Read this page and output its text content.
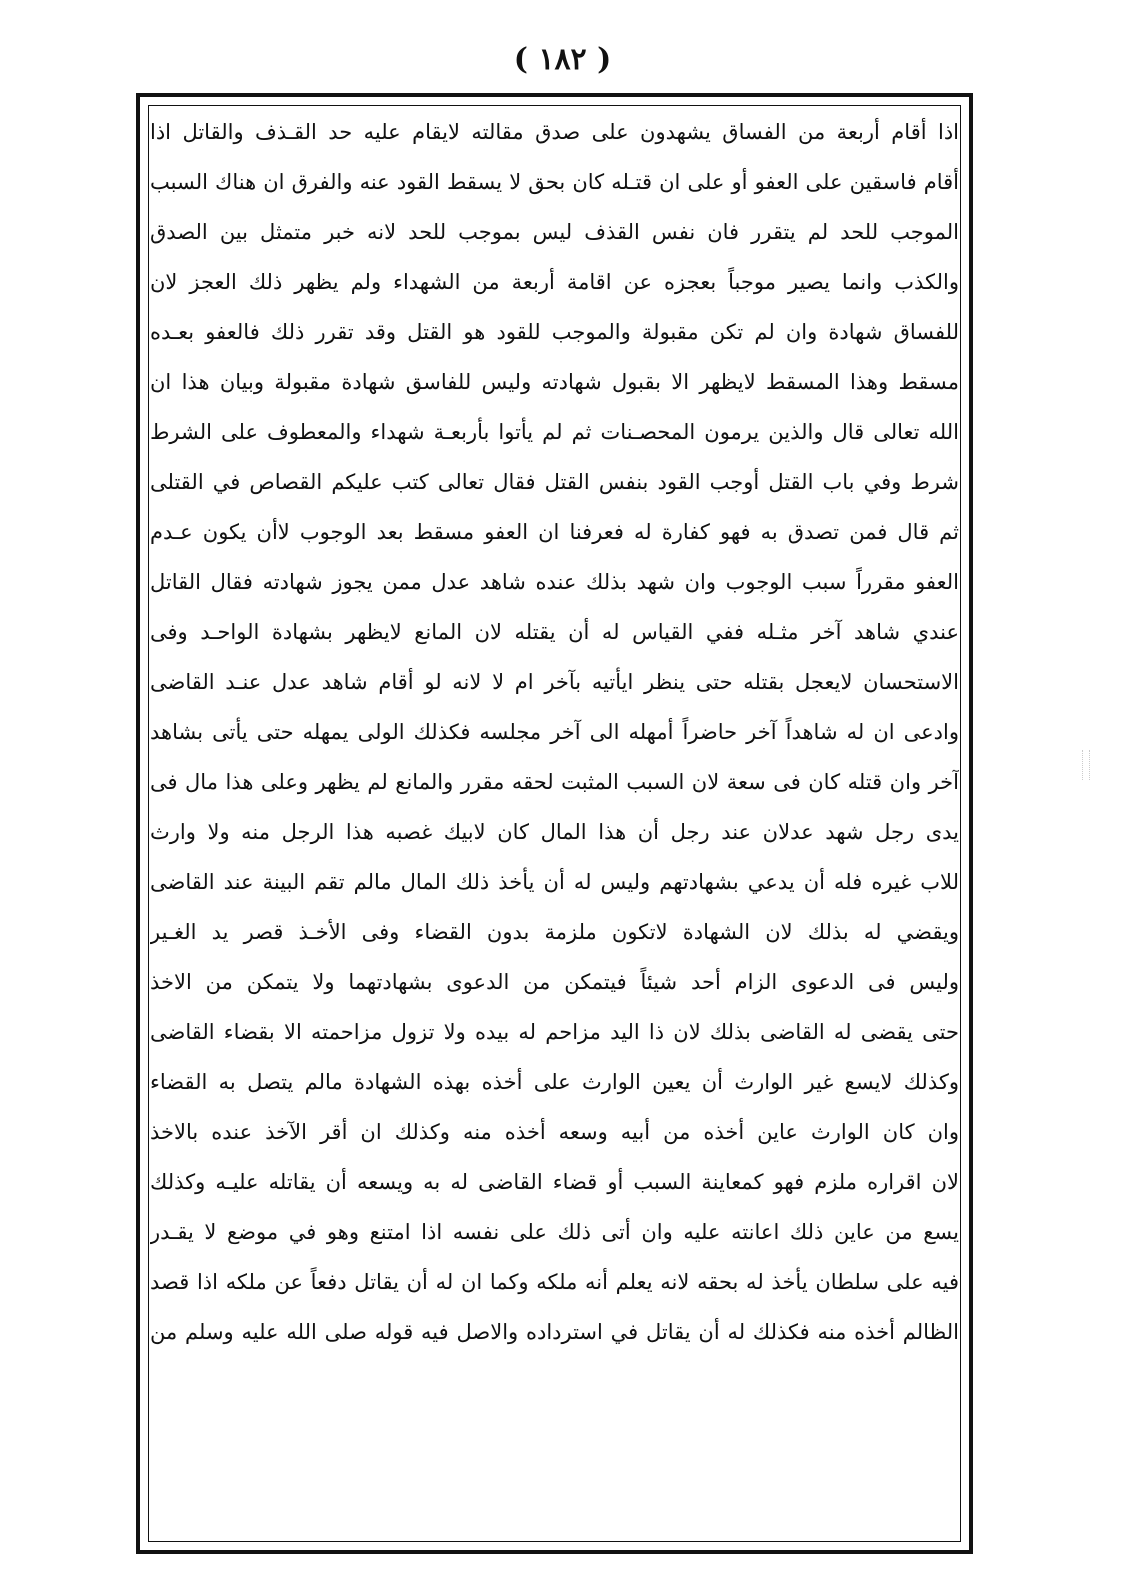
( ١٨٢ )
اذا أقام أربعة من الفساق يشهدون على صدق مقالته لايقام عليه حد القـذف والقاتل اذا
أقام فاسقين على العفو أو على ان قتـله كان بحق لا يسقط القود عنه والفرق ان هناك السبب
الموجب للحد لم يتقرر فان نفس القذف ليس بموجب للحد لانه خبر متمثل بين الصدق
والكذب وانما يصير موجباً بعجزه عن اقامة أربعة من الشهداء ولم يظهر ذلك العجز لان
للفساق شهادة وان لم تكن مقبولة والموجب للقود هو القتل وقد تقرر ذلك فالعفو بعـده
مسقط وهذا المسقط لايظهر الا بقبول شهادته وليس للفاسق شهادة مقبولة وبيان هذا ان
الله تعالى قال والذين يرمون المحصـنات ثم لم يأتوا بأربعـة شهداء والمعطوف على الشرط
شرط وفي باب القتل أوجب القود بنفس القتل فقال تعالى كتب عليكم القصاص في القتلى
ثم قال فمن تصدق به فهو كفارة له فعرفنا ان العفو مسقط بعد الوجوب لاأن يكون عـدم
العفو مقرراً سبب الوجوب وان شهد بذلك عنده شاهد عدل ممن يجوز شهادته فقال القاتل
عندي شاهد آخر مثـله ففي القياس له أن يقتله لان المانع لايظهر بشهادة الواحـد وفى
الاستحسان لايعجل بقتله حتى ينظر ايأتيه بآخر ام لا لانه لو أقام شاهد عدل عنـد القاضى
وادعى ان له شاهداً آخر حاضراً أمهله الى آخر مجلسه فكذلك الولى يمهله حتى يأتى بشاهد
آخر وان قتله كان فى سعة لان السبب المثبت لحقه مقرر والمانع لم يظهر وعلى هذا مال فى
يدى رجل شهد عدلان عند رجل أن هذا المال كان لابيك غصبه هذا الرجل منه ولا وارث
للاب غيره فله أن يدعي بشهادتهم وليس له أن يأخذ ذلك المال مالم تقم البينة عند القاضى
ويقضي له بذلك لان الشهادة لاتكون ملزمة بدون القضاء وفى الأخـذ قصر يد الغـير
وليس فى الدعوى الزام أحد شيئاً فيتمكن من الدعوى بشهادتهما ولا يتمكن من الاخذ
حتى يقضى له القاضى بذلك لان ذا اليد مزاحم له بيده ولا تزول مزاحمته الا بقضاء القاضى
وكذلك لايسع غير الوارث أن يعين الوارث على أخذه بهذه الشهادة مالم يتصل به القضاء
وان كان الوارث عاين أخذه من أبيه وسعه أخذه منه وكذلك ان أقر الآخذ عنده بالاخذ
لان اقراره ملزم فهو كمعاينة السبب أو قضاء القاضى له به ويسعه أن يقاتله عليـه وكذلك
يسع من عاين ذلك اعانته عليه وان أتى ذلك على نفسه اذا امتنع وهو في موضع لا يقـدر
فيه على سلطان يأخذ له بحقه لانه يعلم أنه ملكه وكما ان له أن يقاتل دفعاً عن ملكه اذا قصد
الظالم أخذه منه فكذلك له أن يقاتل في استرداده والاصل فيه قوله صلى الله عليه وسلم من
